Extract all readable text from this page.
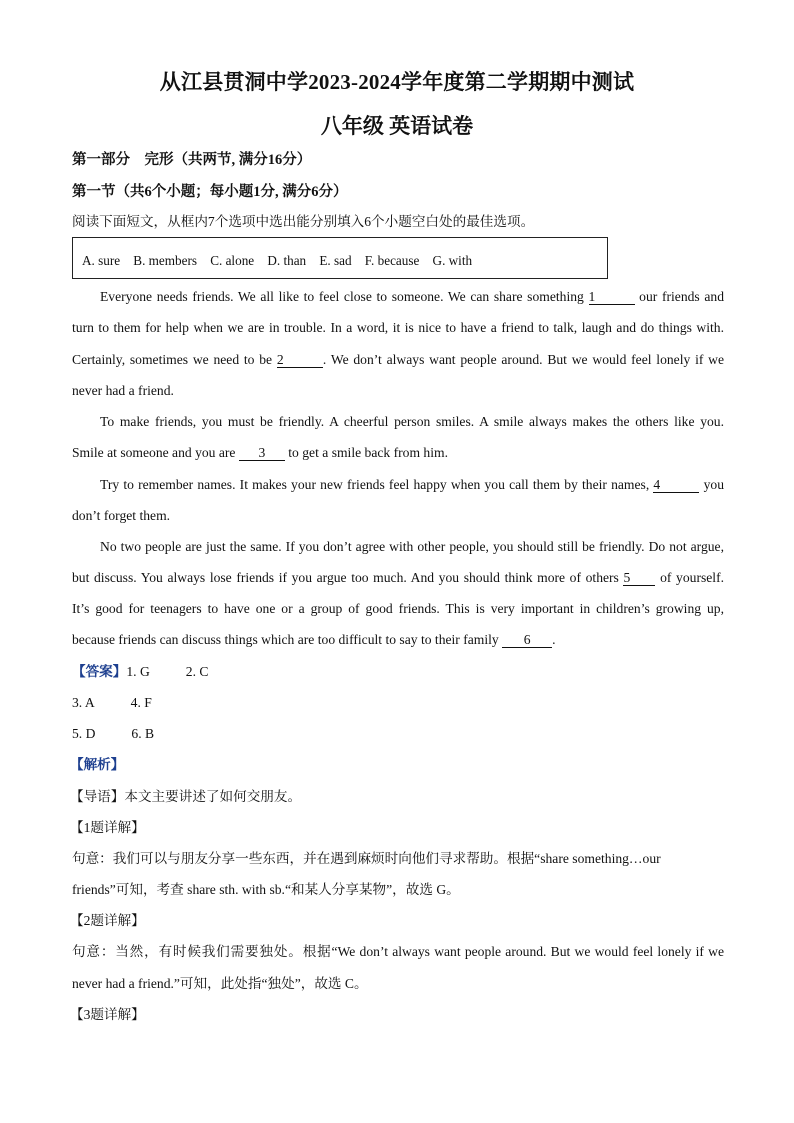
从江县贯洞中学2023-2024学年度第二学期期中测试
八年级 英语试卷
第一部分　完形（共两节, 满分16分）
第一节（共6个小题；每小题1分, 满分6分）
阅读下面短文，从框内7个选项中选出能分别填入6个小题空白处的最佳选项。
A. sure　B. members　C. alone　D. than　E. sad　F. because　G. with
Everyone needs friends. We all like to feel close to someone. We can share something 1	our friends and
turn to them for help when we are in trouble. In a word, it is nice to have a friend to talk, laugh and do things with.
Certainly, sometimes we need to be 2	. We don’t always want people around. But we would feel lonely if we
never had a friend.
To make friends, you must be friendly. A cheerful person smiles. A smile always makes the others like you.
Smile at someone and you are 3 to get a smile back from him.
Try to remember names. It makes your new friends feel happy when you call them by their names, 4	you
don’t forget them.
No two people are just the same. If you don’t agree with other people, you should still be friendly. Do not argue,
but discuss. You always lose friends if you argue too much. And you should think more of others 5 of yourself.
It’s good for teenagers to have one or a group of good friends. This is very important in children’s growing up,
because friends can discuss things which are too difficult to say to their family 6 .
【答案】1. G	2. C
3. A	4. F
5. D	6. B
【解析】
【导语】本文主要讲述了如何交朋友。
【1题详解】
句意：我们可以与朋友分享一些东西，并在遇到麻烦时向他们寻求帮助。根据“share something…our
friends”可知，考查 share sth. with sb.“和某人分享某物”，故选 G。
【2题详解】
句意：当然，有时候我们需要独处。根据“We don’t always want people around. But we would feel lonely if we
never had a friend.”可知，此处指“独处”，故选 C。
【3题详解】
